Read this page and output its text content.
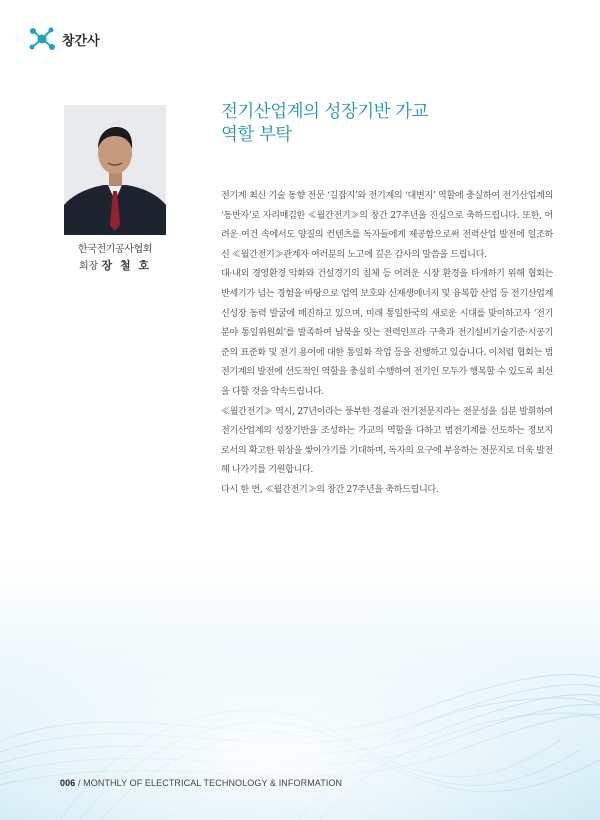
창간사
전기산업계의 성장기반 가교
역할 부탁
한국전기공사협회
회장 장 철 호

전기계 최신 기술 동향 전문 ‘길잡지’와 전기계의 ‘대변지’ 역할에 충실하여 전기산업계의 ‘동반자’로 자리매김한 ≪월간전기≫의 창간 27주년을 진심으로 축하드립니다. 또한, 어려운 여건 속에서도 양질의 컨텐츠를 독자들에게 제공함으로써 전력산업 발전에 일조하신 ≪월간전기≫관계자 여러분의 노고에 깊은 감사의 말씀을 드립니다.

대·내외 경영환경 악화와 건설경기의 침체 등 어려운 시장 환경을 타개하기 위해 협회는 반세기가 넘는 경험을 바탕으로 업역 보호와 신재생에너지 및 융복합 산업 등 전기산업계 신성장 동력 발굴에 매진하고 있으며, 미래 통일한국의 새로운 시대를 맞이하고자 ‘전기분야 통일위원회’를 발족하여 남북을 잇는 전력인프라 구축과 전기설비기술기준·시공기준의 표준화 및 전기 용어에 대한 통일화 작업 등을 진행하고 있습니다. 이처럼 협회는 범전기계의 발전에 선도적인 역할을 충실히 수행하여 전기인 모두가 행복할 수 있도록 최선을 다할 것을 약속드립니다.

≪월간전기≫ 역시, 27년이라는 풍부한 경륜과 전기전문지라는 전문성을 십분 발휘하여 전기산업계의 성장기반을 조성하는 가교의 역할을 다하고 범전기계를 선도하는 정보지로서의 확고한 위상을 쌓아가기를 기대하며, 독자의 요구에 부응하는 전문지로 더욱 발전해 나가기를 기원합니다.

다시 한 번, ≪월간전기≫의 창간 27주년을 축하드립니다.

006 / MONTHLY OF ELECTRICAL TECHNOLOGY & INFORMATION
